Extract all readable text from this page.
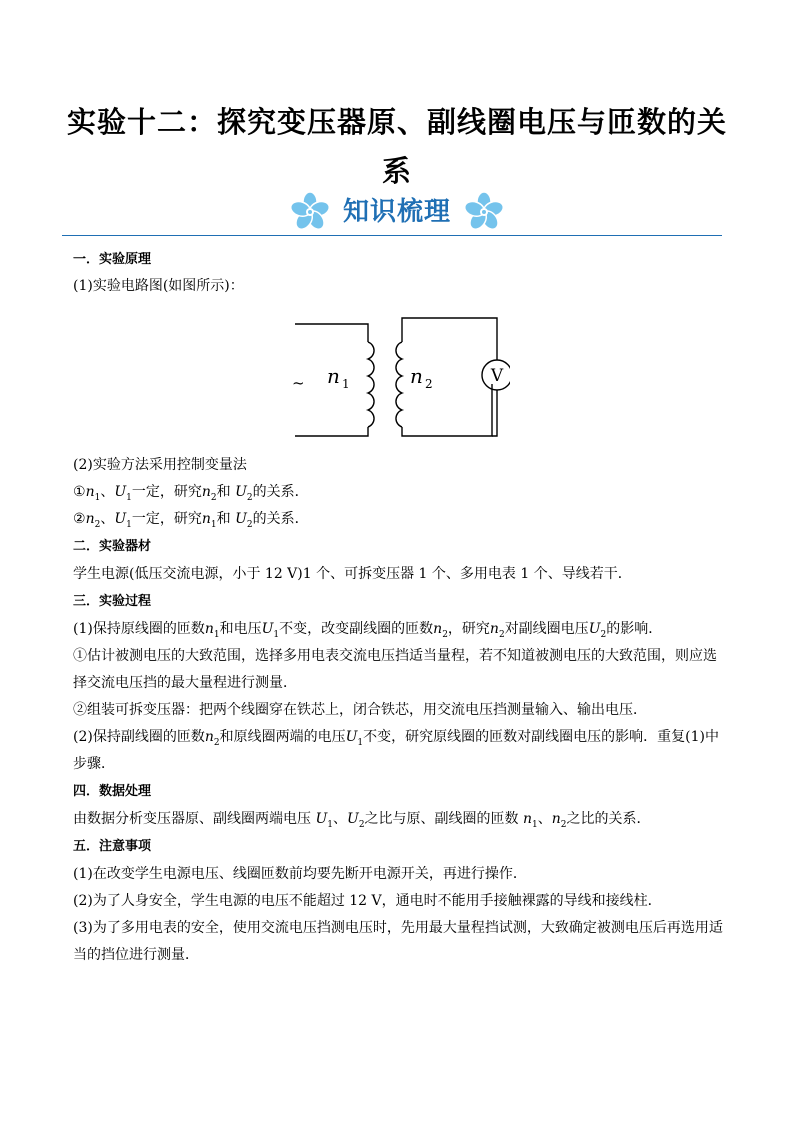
实验十二：探究变压器原、副线圈电压与匝数的关
系
知识梳理
一．实验原理
(1)实验电路图(如图所示)：
~ n 1	n 2	V
(2)实验方法采用控制变量法
$①n_1$、$U_1$一定，研究$n_2$和 $U_2$的关系．
$②n_2$、$U_1$一定，研究$n_1$和 $U_2$的关系．
二．实验器材
学生电源(低压交流电源，小于 12 V)1 个、可拆变压器 1 个、多用电表 1 个、导线若干．
三．实验过程
(1)保持原线圈的匝数$n_1$和电压$U_1$不变，改变副线圈的匝数$n_2$，研究$n_2$对副线圈电压$U_2$的影响．
①估计被测电压的大致范围，选择多用电表交流电压挡适当量程，若不知道被测电压的大致范围，则应选
择交流电压挡的最大量程进行测量．
②组装可拆变压器：把两个线圈穿在铁芯上，闭合铁芯，用交流电压挡测量输入、输出电压．
(2)保持副线圈的匝数$n_2$和原线圈两端的电压$U_1$不变，研究原线圈的匝数对副线圈电压的影响．重复(1)中
步骤．
四．数据处理
由数据分析变压器原、副线圈两端电压 $U_1$、$U_2$之比与原、副线圈的匝数 $n_1$、$n_2$之比的关系．
五．注意事项
(1)在改变学生电源电压、线圈匝数前均要先断开电源开关，再进行操作．
(2)为了人身安全，学生电源的电压不能超过 12 V，通电时不能用手接触裸露的导线和接线柱．
(3)为了多用电表的安全，使用交流电压挡测电压时，先用最大量程挡试测，大致确定被测电压后再选用适
当的挡位进行测量．
